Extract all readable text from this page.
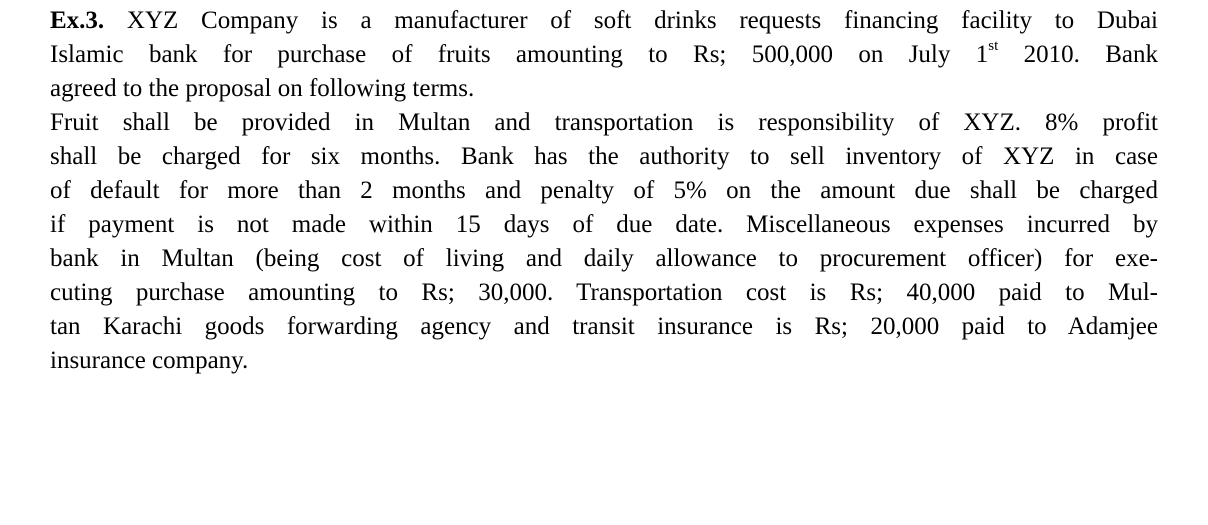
Ex.3. XYZ Company is a manufacturer of soft drinks requests financing facility to Dubai
Islamic bank for purchase of fruits amounting to Rs; 500,000 on July 1st 2010. Bank
agreed to the proposal on following terms.
Fruit shall be provided in Multan and transportation is responsibility of XYZ. 8% profit
shall be charged for six months. Bank has the authority to sell inventory of XYZ in case
of default for more than 2 months and penalty of 5% on the amount due shall be charged
if payment is not made within 15 days of due date. Miscellaneous expenses incurred by
bank in Multan (being cost of living and daily allowance to procurement officer) for exe-
cuting purchase amounting to Rs; 30,000. Transportation cost is Rs; 40,000 paid to Mul-
tan Karachi goods forwarding agency and transit insurance is Rs; 20,000 paid to Adamjee
insurance company.
